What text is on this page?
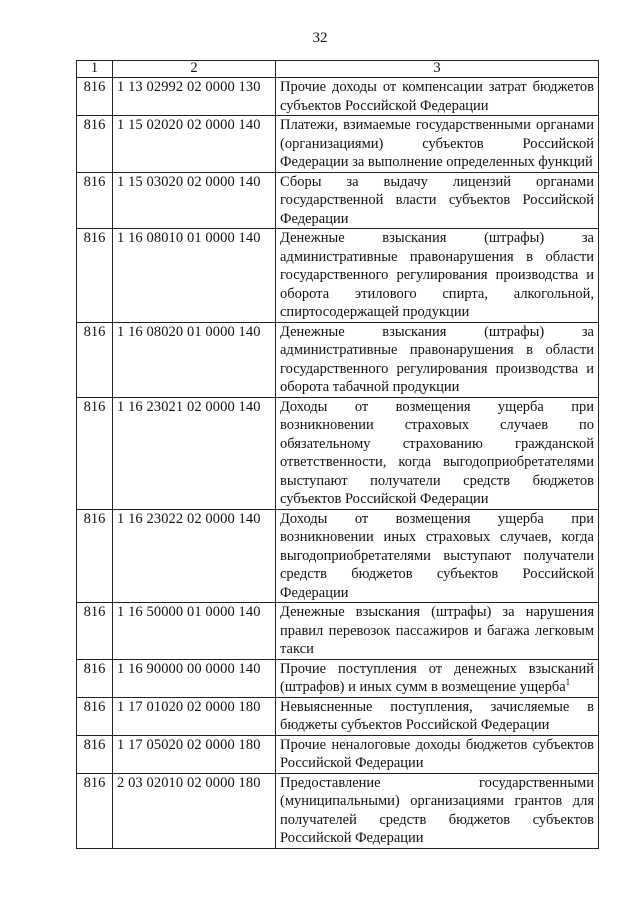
32
1	2	3
816	1 13 02992 02 0000 130	Прочие доходы от компенсации затрат бюджетов субъектов Российской Федерации
816	1 15 02020 02 0000 140	Платежи, взимаемые государственными органами (организациями) субъектов Российской Федерации за выполнение определенных функций
816	1 15 03020 02 0000 140	Сборы за выдачу лицензий органами государственной власти субъектов Российской Федерации
816	1 16 08010 01 0000 140	Денежные взыскания (штрафы) за административные правонарушения в области государственного регулирования производства и оборота этилового спирта, алкогольной, спиртосодержащей продукции
816	1 16 08020 01 0000 140	Денежные взыскания (штрафы) за административные правонарушения в области государственного регулирования производства и оборота табачной продукции
816	1 16 23021 02 0000 140	Доходы от возмещения ущерба при возникновении страховых случаев по обязательному страхованию гражданской ответственности, когда выгодоприобретателями выступают получатели средств бюджетов субъектов Российской Федерации
816	1 16 23022 02 0000 140	Доходы от возмещения ущерба при возникновении иных страховых случаев, когда выгодоприобретателями выступают получатели средств бюджетов субъектов Российской Федерации
816	1 16 50000 01 0000 140	Денежные взыскания (штрафы) за нарушения правил перевозок пассажиров и багажа легковым такси
816	1 16 90000 00 0000 140	Прочие поступления от денежных взысканий (штрафов) и иных сумм в возмещение ущерба$^1$
816	1 17 01020 02 0000 180	Невыясненные поступления, зачисляемые в бюджеты субъектов Российской Федерации
816	1 17 05020 02 0000 180	Прочие неналоговые доходы бюджетов субъектов Российской Федерации
816	2 03 02010 02 0000 180	Предоставление государственными (муниципальными) организациями грантов для получателей средств бюджетов субъектов Российской Федерации
